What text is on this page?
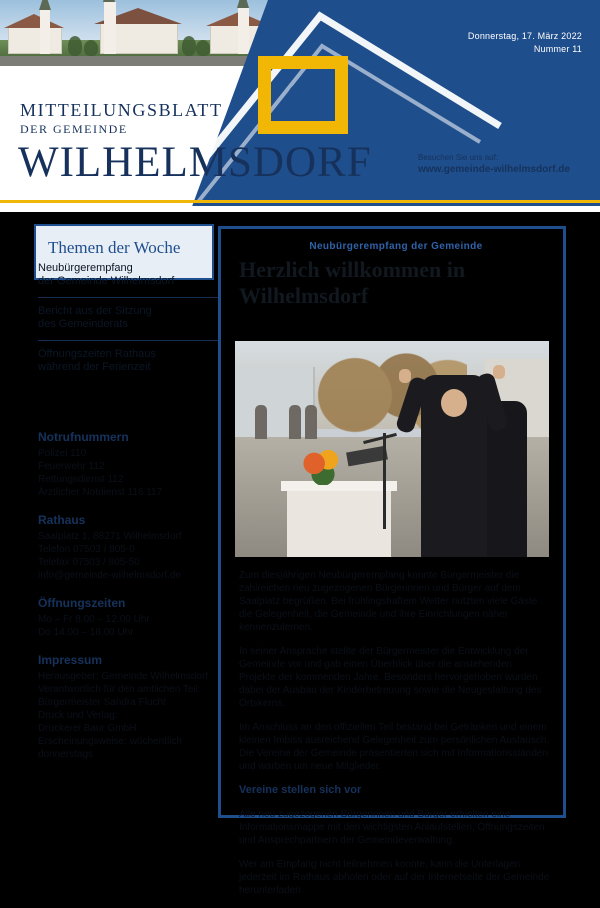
Donnerstag, 17. März 2022
Nummer 11
MITTEILUNGSBLATT
DER GEMEINDE
WILHELMSDORF	Besuchen Sie uns auf:
www.gemeinde-wilhelmsdorf.de
Themen der Woche
Neubürgerempfang
der Gemeinde Wilhelmsdorf
Bericht aus der Sitzung
des Gemeinderats
Öffnungszeiten Rathaus
während der Ferienzeit
Notrufnummern
Polizei 110
Feuerwehr 112
Rettungsdienst 112
Ärztlicher Notdienst 116 117
Rathaus
Saalplatz 1, 88271 Wilhelmsdorf
Telefon 07503 / 805-0
Telefax 07503 / 805-50
info@gemeinde-wilhelmsdorf.de
Öffnungszeiten
Mo – Fr 8.00 – 12.00 Uhr
Do 14.00 – 18.00 Uhr
Impressum
Herausgeber: Gemeinde Wilhelmsdorf
Verantwortlich für den amtlichen Teil:
Bürgermeister Sandra Flucht
Druck und Verlag:
Druckerei Baur GmbH
Erscheinungsweise: wöchentlich
donnerstags
Neubürgerempfang der Gemeinde
Herzlich willkommen in
Wilhelmsdorf

Zum diesjährigen Neubürgerempfang konnte Bürgermeister die zahlreichen neu zugezogenen Bürgerinnen und Bürger auf dem Saalplatz begrüßen. Bei frühlingshaftem Wetter nutzten viele Gäste die Gelegenheit, die Gemeinde und ihre Einrichtungen näher kennenzulernen.

In seiner Ansprache stellte der Bürgermeister die Entwicklung der Gemeinde vor und gab einen Überblick über die anstehenden Projekte der kommenden Jahre. Besonders hervorgehoben wurden dabei der Ausbau der Kinderbetreuung sowie die Neugestaltung des Ortskerns.

Im Anschluss an den offiziellen Teil bestand bei Getränken und einem kleinen Imbiss ausreichend Gelegenheit zum persönlichen Austausch. Die Vereine der Gemeinde präsentierten sich mit Informationsständen und warben um neue Mitglieder.

Vereine stellen sich vor

Alle neu zugezogenen Bürgerinnen und Bürger erhielten eine Informationsmappe mit den wichtigsten Anlaufstellen, Öffnungszeiten und Ansprechpartnern der Gemeindeverwaltung.

Wer am Empfang nicht teilnehmen konnte, kann die Unterlagen jederzeit im Rathaus abholen oder auf der Internetseite der Gemeinde herunterladen.
